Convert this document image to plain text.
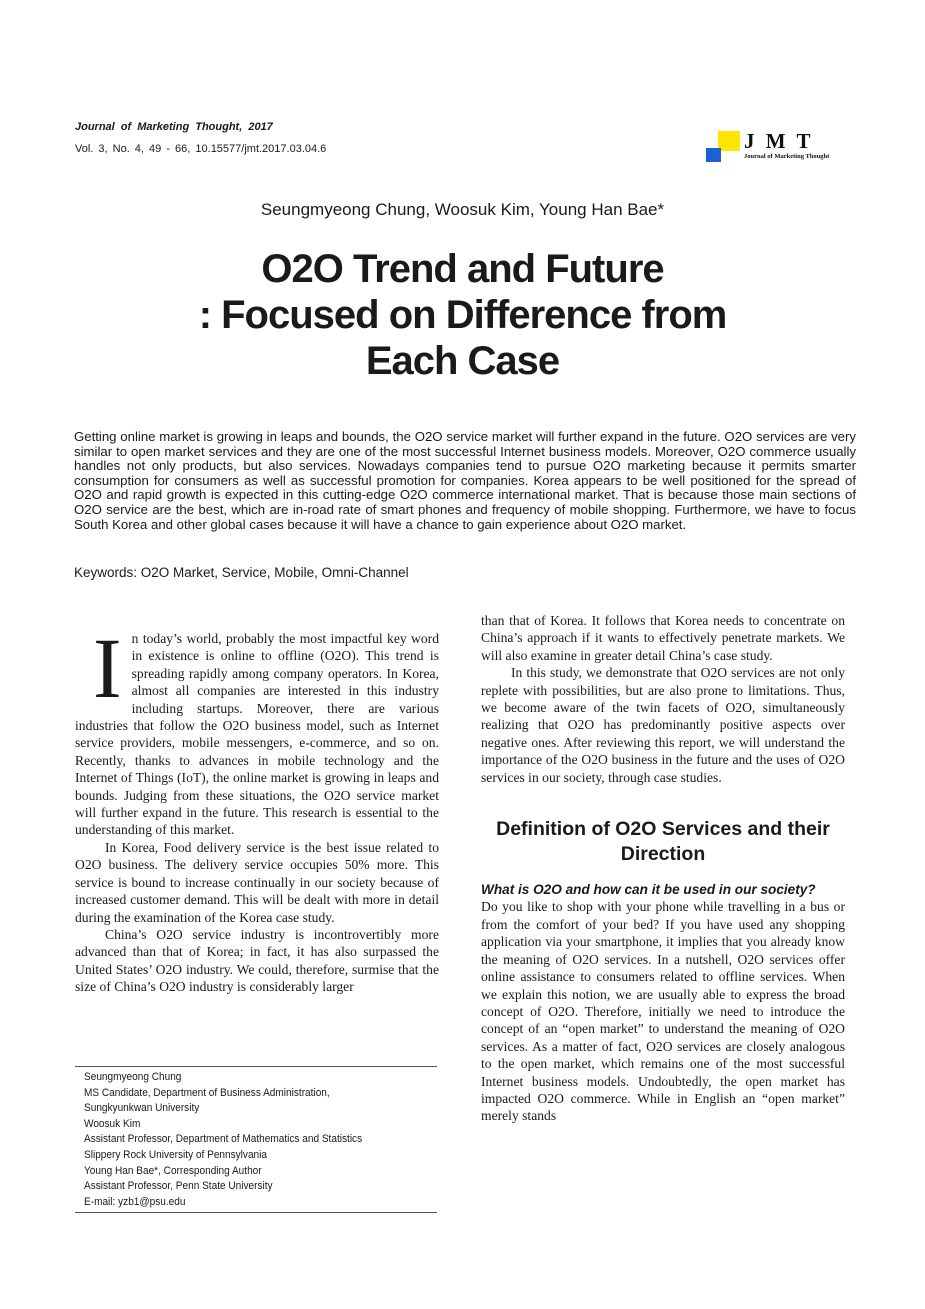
Journal of Marketing Thought, 2017
Vol. 3, No. 4, 49 - 66, 10.15577/jmt.2017.03.04.6	J M T
Journal of Marketing Thought
Seungmyeong Chung, Woosuk Kim, Young Han Bae*
O2O Trend and Future
: Focused on Difference from
Each Case
Getting online market is growing in leaps and bounds, the O2O service market will further expand in the future. O2O services are very similar to open market services and they are one of the most successful Internet business models. Moreover, O2O commerce usually handles not only products, but also services. Nowadays companies tend to pursue O2O marketing because it permits smarter consumption for consumers as well as successful promotion for companies. Korea appears to be well positioned for the spread of O2O and rapid growth is expected in this cutting-edge O2O commerce international market. That is because those main sections of O2O service are the best, which are in-road rate of smart phones and frequency of mobile shopping. Furthermore, we have to focus South Korea and other global cases because it will have a chance to gain experience about O2O market.
Keywords: O2O Market, Service, Mobile, Omni-Channel

In today’s world, probably the most impactful key word in existence is online to offline (O2O). This trend is spreading rapidly among company operators. In Korea, almost all companies are interested in this industry including startups. Moreover, there are various industries that follow the O2O business model, such as Internet service providers, mobile messengers, e-commerce, and so on. Recently, thanks to advances in mobile technology and the Internet of Things (IoT), the online market is growing in leaps and bounds. Judging from these situations, the O2O service market will further expand in the future. This research is essential to the understanding of this market.

In Korea, Food delivery service is the best issue related to O2O business. The delivery service occupies 50% more. This service is bound to increase continually in our society because of increased customer demand. This will be dealt with more in detail during the examination of the Korea case study.

China’s O2O service industry is incontrovertibly more advanced than that of Korea; in fact, it has also surpassed the United States’ O2O industry. We could, therefore, surmise that the size of China’s O2O industry is considerably larger

than that of Korea. It follows that Korea needs to concentrate on China’s approach if it wants to effectively penetrate markets. We will also examine in greater detail China’s case study.

In this study, we demonstrate that O2O services are not only replete with possibilities, but are also prone to limitations. Thus, we become aware of the twin facets of O2O, simultaneously realizing that O2O has predominantly positive aspects over negative ones. After reviewing this report, we will understand the importance of the O2O business in the future and the uses of O2O services in our society, through case studies.

Definition of O2O Services and their Direction

What is O2O and how can it be used in our society?

Do you like to shop with your phone while travelling in a bus or from the comfort of your bed? If you have used any shopping application via your smartphone, it implies that you already know the meaning of O2O services. In a nutshell, O2O services offer online assistance to consumers related to offline services. When we explain this notion, we are usually able to express the broad concept of O2O. Therefore, initially we need to introduce the concept of an “open market” to understand the meaning of O2O services. As a matter of fact, O2O services are closely analogous to the open market, which remains one of the most successful Internet business models. Undoubtedly, the open market has impacted O2O commerce. While in English an “open market” merely stands

Seungmyeong Chung
MS Candidate, Department of Business Administration,
Sungkyunkwan University
Woosuk Kim
Assistant Professor, Department of Mathematics and Statistics
Slippery Rock University of Pennsylvania
Young Han Bae*, Corresponding Author
Assistant Professor, Penn State University
E-mail: yzb1@psu.edu
